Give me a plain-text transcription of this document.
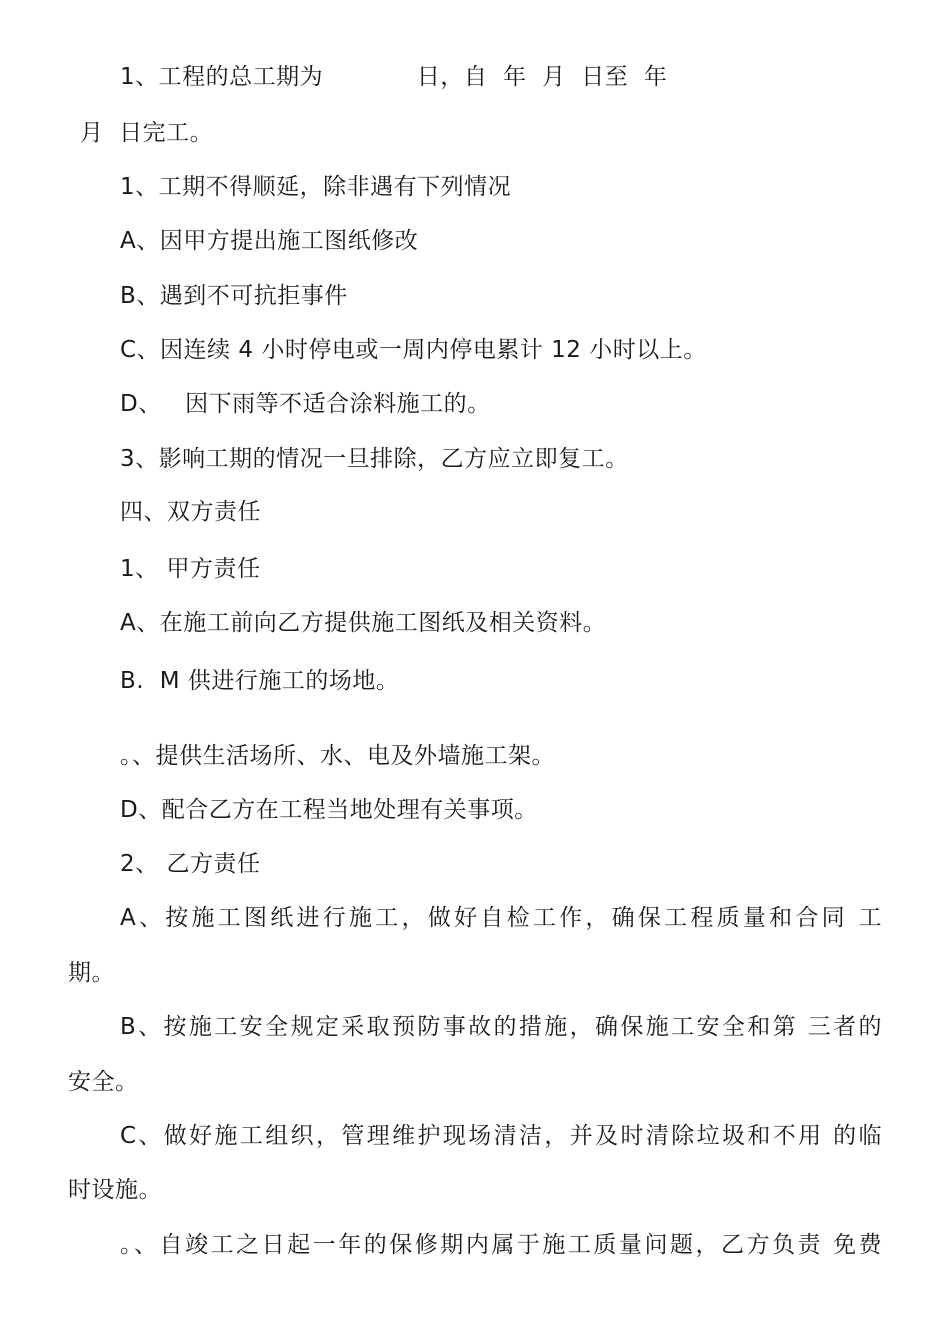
1、工程的总工期为            日，自  年  月  日至  年
月  日完工。
1、工期不得顺延，除非遇有下列情况
A、因甲方提出施工图纸修改
B、遇到不可抗拒事件
C、因连续 4 小时停电或一周内停电累计 12 小时以上。
D、   因下雨等不适合涂料施工的。
3、影响工期的情况一旦排除，乙方应立即复工。
四、双方责任
1、 甲方责任
A、在施工前向乙方提供施工图纸及相关资料。
B.  M 供进行施工的场地。
。、提供生活场所、水、电及外墙施工架。
D、配合乙方在工程当地处理有关事项。
2、 乙方责任
A、按施工图纸进行施工，做好自检工作，确保工程质量和合同 工
期。
B、按施工安全规定采取预防事故的措施，确保施工安全和第 三者的
安全。
C、做好施工组织，管理维护现场清洁，并及时清除垃圾和不用 的临
时设施。
。、自竣工之日起一年的保修期内属于施工质量问题，乙方负责 免费
